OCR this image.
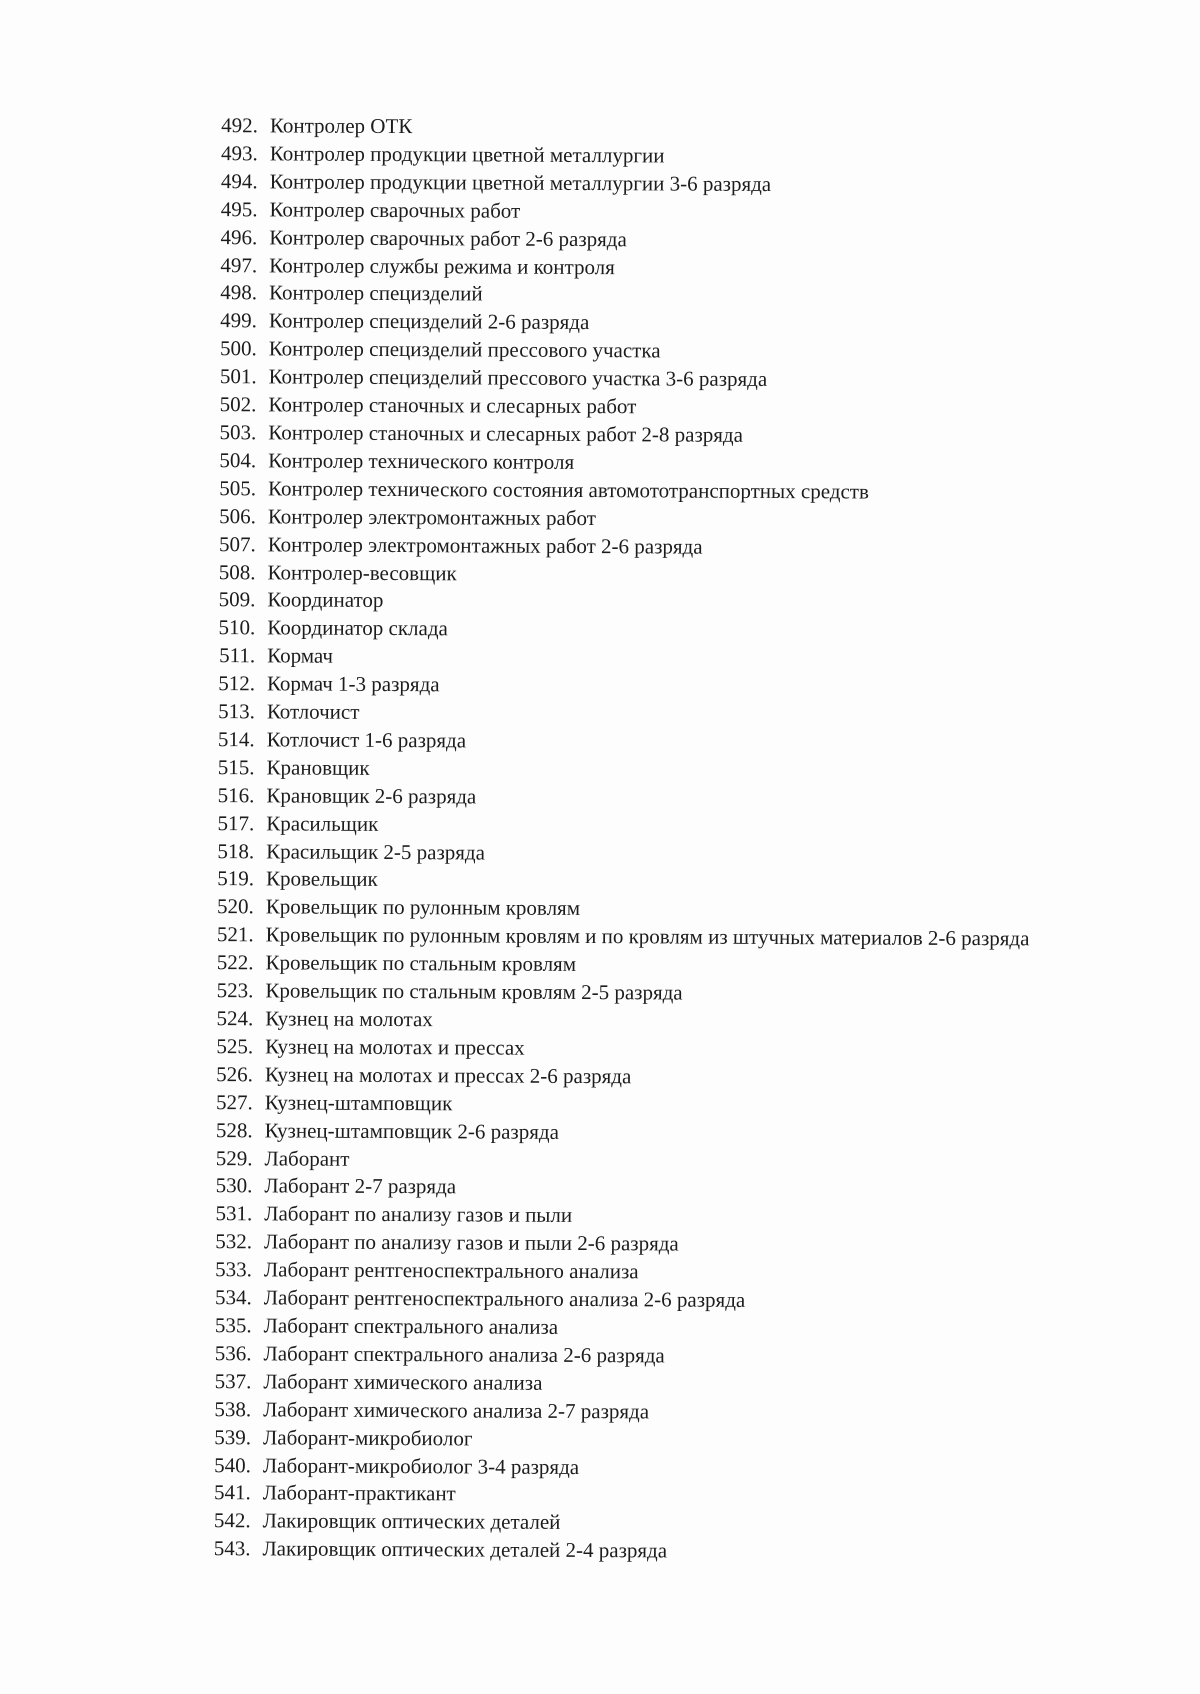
492. Контролер ОТК
493. Контролер продукции цветной металлургии
494. Контролер продукции цветной металлургии 3-6 разряда
495. Контролер сварочных работ
496. Контролер сварочных работ 2-6 разряда
497. Контролер службы режима и контроля
498. Контролер специзделий
499. Контролер специзделий 2-6 разряда
500. Контролер специзделий прессового участка
501. Контролер специзделий прессового участка 3-6 разряда
502. Контролер станочных и слесарных работ
503. Контролер станочных и слесарных работ 2-8 разряда
504. Контролер технического контроля
505. Контролер технического состояния автомототранспортных средств
506. Контролер электромонтажных работ
507. Контролер электромонтажных работ 2-6 разряда
508. Контролер-весовщик
509. Координатор
510. Координатор склада
511. Кормач
512. Кормач 1-3 разряда
513. Котлочист
514. Котлочист 1-6 разряда
515. Крановщик
516. Крановщик 2-6 разряда
517. Красильщик
518. Красильщик 2-5 разряда
519. Кровельщик
520. Кровельщик по рулонным кровлям
521. Кровельщик по рулонным кровлям и по кровлям из штучных материалов 2-6 разряда
522. Кровельщик по стальным кровлям
523. Кровельщик по стальным кровлям 2-5 разряда
524. Кузнец на молотах
525. Кузнец на молотах и прессах
526. Кузнец на молотах и прессах 2-6 разряда
527. Кузнец-штамповщик
528. Кузнец-штамповщик 2-6 разряда
529. Лаборант
530. Лаборант 2-7 разряда
531. Лаборант по анализу газов и пыли
532. Лаборант по анализу газов и пыли 2-6 разряда
533. Лаборант рентгеноспектрального анализа
534. Лаборант рентгеноспектрального анализа 2-6 разряда
535. Лаборант спектрального анализа
536. Лаборант спектрального анализа 2-6 разряда
537. Лаборант химического анализа
538. Лаборант химического анализа 2-7 разряда
539. Лаборант-микробиолог
540. Лаборант-микробиолог 3-4 разряда
541. Лаборант-практикант
542. Лакировщик оптических деталей
543. Лакировщик оптических деталей 2-4 разряда
